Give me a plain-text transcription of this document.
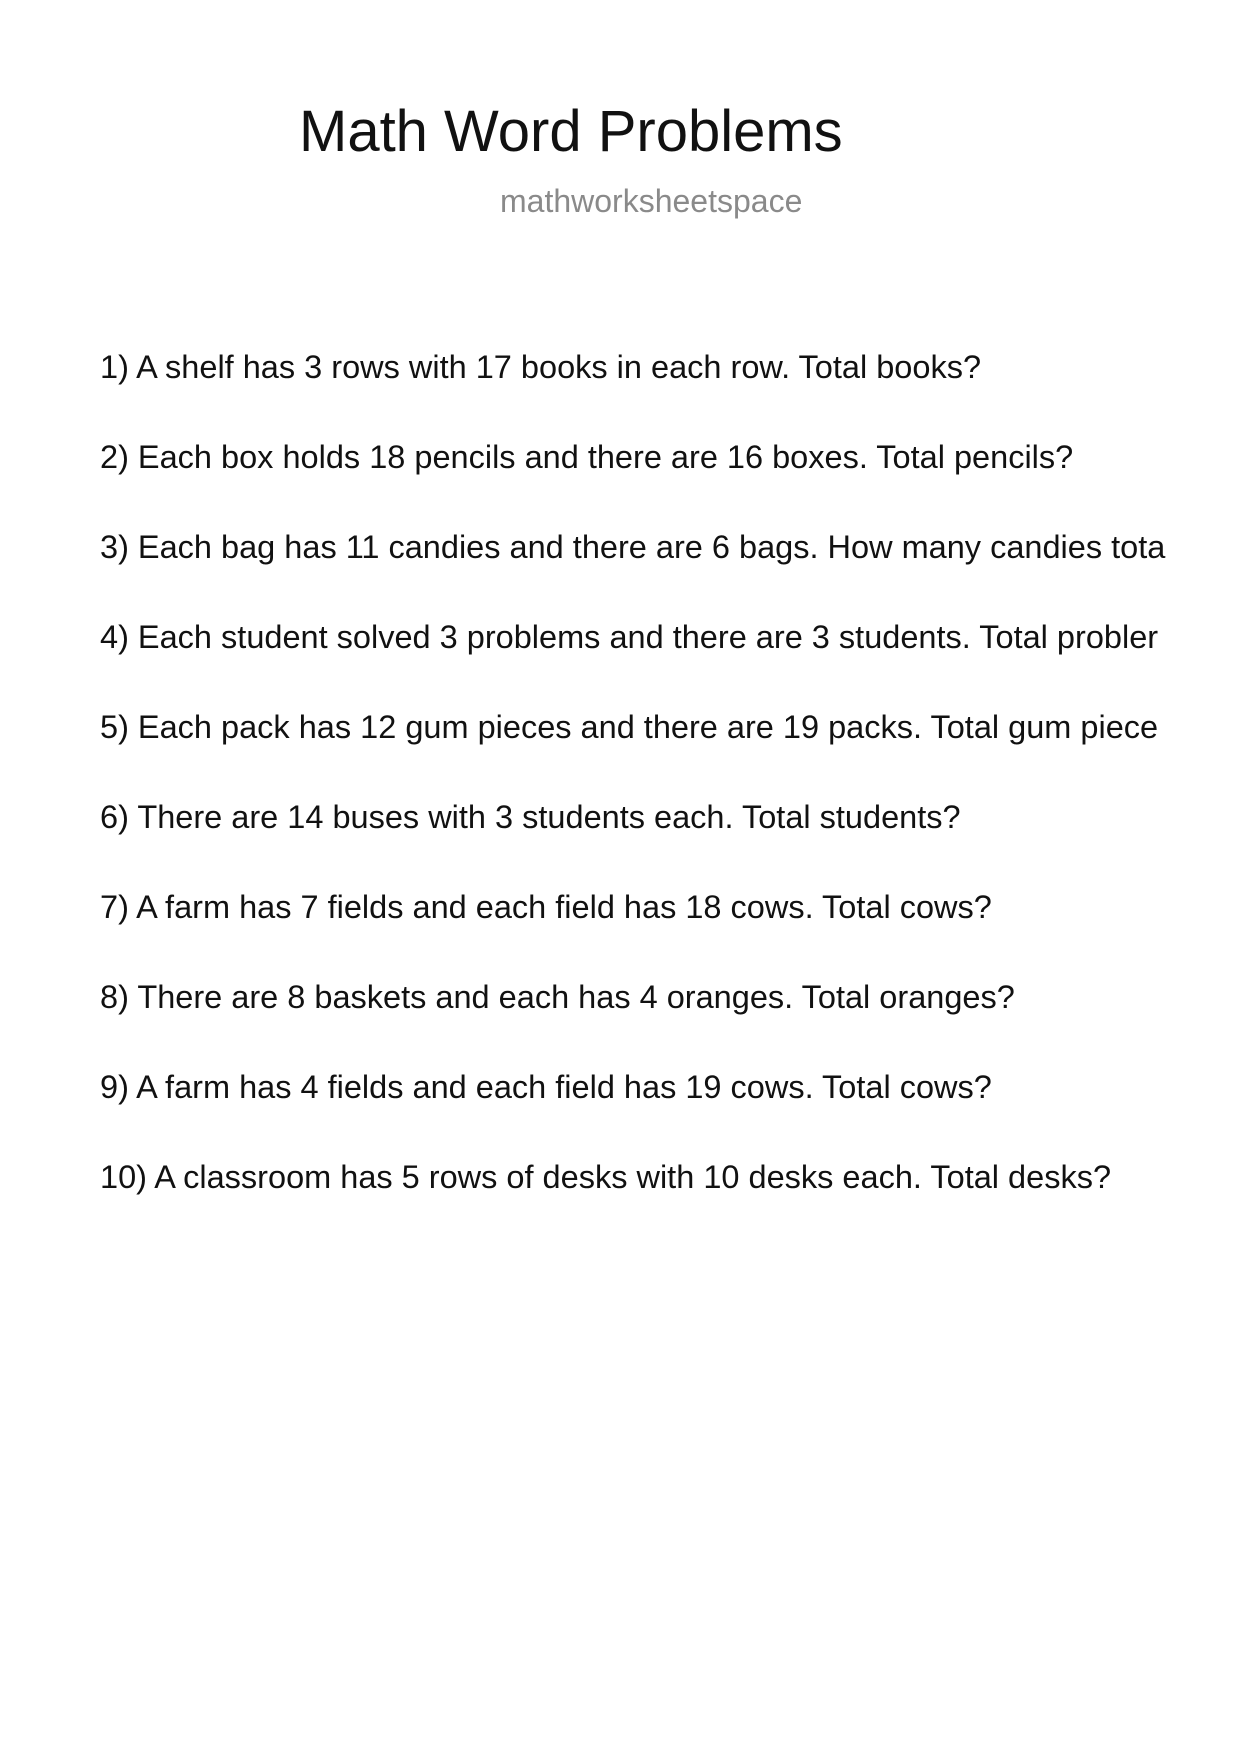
Math Word Problems
mathworksheetspace
1) A shelf has 3 rows with 17 books in each row. Total books?
2) Each box holds 18 pencils and there are 16 boxes. Total pencils?
3) Each bag has 11 candies and there are 6 bags. How many candies tota
4) Each student solved 3 problems and there are 3 students. Total probler
5) Each pack has 12 gum pieces and there are 19 packs. Total gum piece
6) There are 14 buses with 3 students each. Total students?
7) A farm has 7 fields and each field has 18 cows. Total cows?
8) There are 8 baskets and each has 4 oranges. Total oranges?
9) A farm has 4 fields and each field has 19 cows. Total cows?
10) A classroom has 5 rows of desks with 10 desks each. Total desks?
